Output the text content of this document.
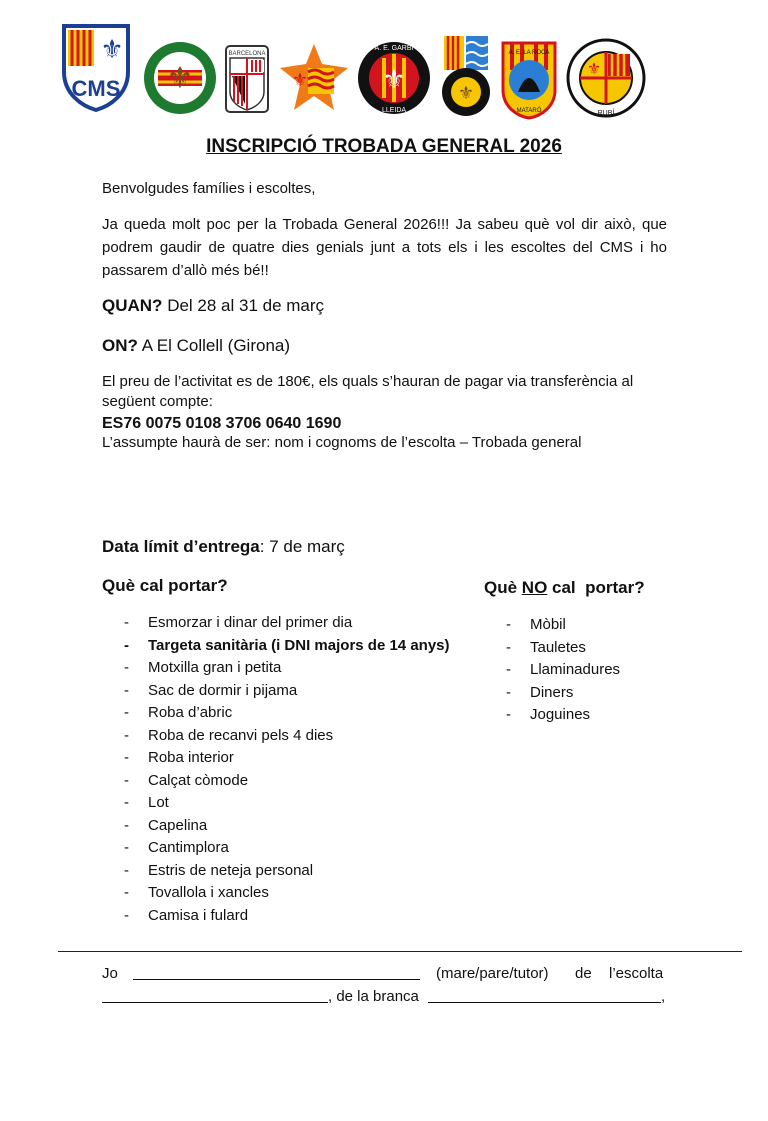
⚜
CMS ⚜
BARCELONA
⚜	⚜
A. E. GARBÍ
LLEIDA
⚜
A. E. LA ROCA
MATARÓ
⚜
RUBÍ
INSCRIPCIÓ TROBADA GENERAL 2026
Benvolgudes famílies i escoltes,
Ja queda molt poc per la Trobada General 2026!!! Ja sabeu què vol dir això, que podrem gaudir de quatre dies genials junt a tots els i les escoltes del CMS i ho passarem d’allò més bé!!
QUAN? Del 28 al 31 de març
ON? A El Collell (Girona)
El preu de l’activitat es de 180€, els quals s’hauran de pagar via transferència al següent compte:
ES76 0075 0108 3706 0640 1690
L’assumpte haurà de ser: nom i cognoms de l’escolta – Trobada general
Data límit d’entrega: 7 de març
Què cal portar?
- Esmorzar i dinar del primer dia
- Targeta sanitària (i DNI majors de 14 anys)
- Motxilla gran i petita
- Sac de dormir i pijama
- Roba d’abric
- Roba de recanvi pels 4 dies
- Roba interior
- Calçat còmode
- Lot
- Capelina
- Cantimplora
- Estris de neteja personal
- Tovallola i xancles
- Camisa i fulard
Què NO cal  portar?
- Mòbil
- Tauletes
- Llaminadures
- Diners
- Joguines
Jo	(mare/pare/tutor) de l’escolta
, de la branca	,
